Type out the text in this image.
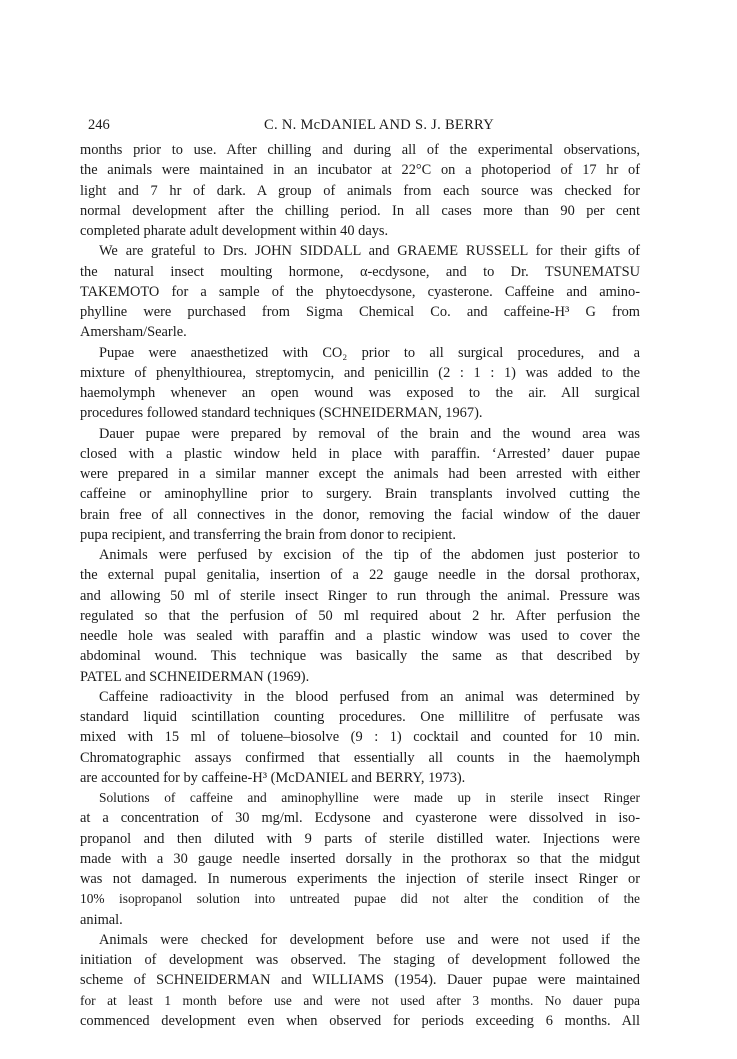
246	C. N. McDANIEL AND S. J. BERRY
months prior to use. After chilling and during all of the experimental observations,
the animals were maintained in an incubator at 22°C on a photoperiod of 17 hr of
light and 7 hr of dark. A group of animals from each source was checked for
normal development after the chilling period. In all cases more than 90 per cent
completed pharate adult development within 40 days.
We are grateful to Drs. JOHN SIDDALL and GRAEME RUSSELL for their gifts of
the natural insect moulting hormone, α-ecdysone, and to Dr. TSUNEMATSU
TAKEMOTO for a sample of the phytoecdysone, cyasterone. Caffeine and amino-
phylline were purchased from Sigma Chemical Co. and caffeine-H³ G from
Amersham/Searle.
Pupae were anaesthetized with CO₂ prior to all surgical procedures, and a
mixture of phenylthiourea, streptomycin, and penicillin (2 : 1 : 1) was added to the
haemolymph whenever an open wound was exposed to the air. All surgical
procedures followed standard techniques (SCHNEIDERMAN, 1967).
Dauer pupae were prepared by removal of the brain and the wound area was
closed with a plastic window held in place with paraffin. ‘Arrested’ dauer pupae
were prepared in a similar manner except the animals had been arrested with either
caffeine or aminophylline prior to surgery. Brain transplants involved cutting the
brain free of all connectives in the donor, removing the facial window of the dauer
pupa recipient, and transferring the brain from donor to recipient.
Animals were perfused by excision of the tip of the abdomen just posterior to
the external pupal genitalia, insertion of a 22 gauge needle in the dorsal prothorax,
and allowing 50 ml of sterile insect Ringer to run through the animal. Pressure was
regulated so that the perfusion of 50 ml required about 2 hr. After perfusion the
needle hole was sealed with paraffin and a plastic window was used to cover the
abdominal wound. This technique was basically the same as that described by
PATEL and SCHNEIDERMAN (1969).
Caffeine radioactivity in the blood perfused from an animal was determined by
standard liquid scintillation counting procedures. One millilitre of perfusate was
mixed with 15 ml of toluene–biosolve (9 : 1) cocktail and counted for 10 min.
Chromatographic assays confirmed that essentially all counts in the haemolymph
are accounted for by caffeine-H³ (McDANIEL and BERRY, 1973).
Solutions of caffeine and aminophylline were made up in sterile insect Ringer
at a concentration of 30 mg/ml. Ecdysone and cyasterone were dissolved in iso-
propanol and then diluted with 9 parts of sterile distilled water. Injections were
made with a 30 gauge needle inserted dorsally in the prothorax so that the midgut
was not damaged. In numerous experiments the injection of sterile insect Ringer or
10% isopropanol solution into untreated pupae did not alter the condition of the
animal.
Animals were checked for development before use and were not used if the
initiation of development was observed. The staging of development followed the
scheme of SCHNEIDERMAN and WILLIAMS (1954). Dauer pupae were maintained
for at least 1 month before use and were not used after 3 months. No dauer pupa
commenced development even when observed for periods exceeding 6 months. All
